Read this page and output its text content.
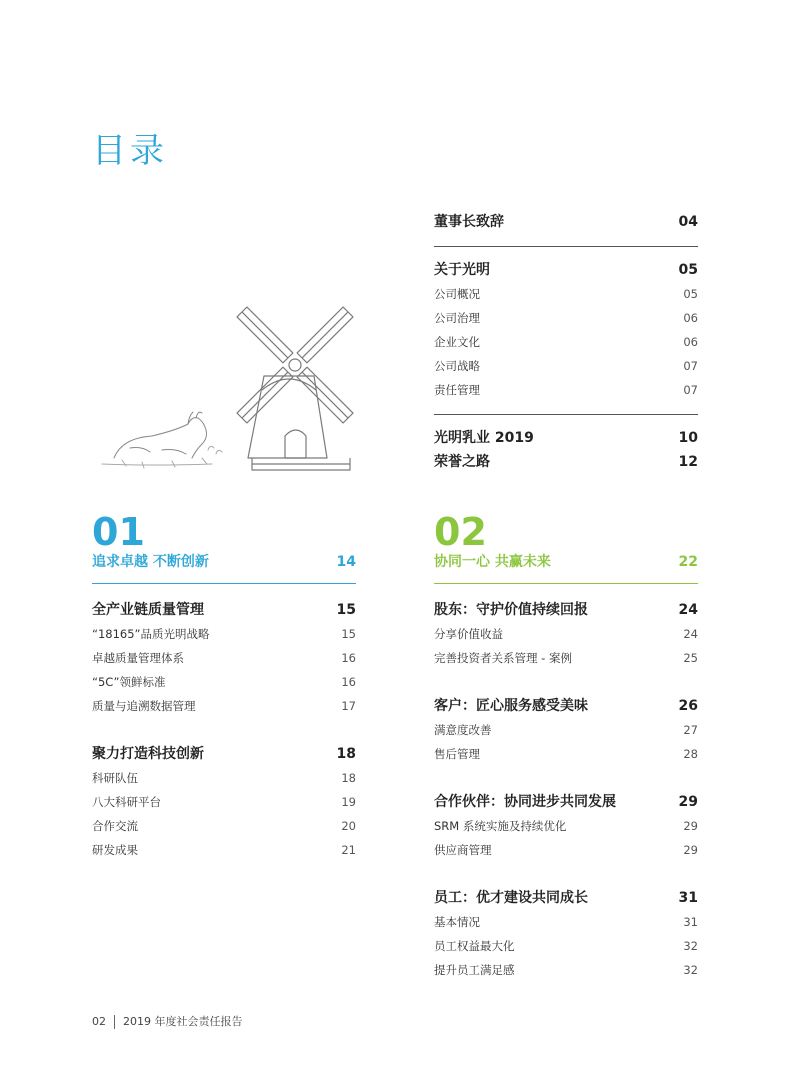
目录
董事长致辞	04
关于光明	05
公司概况	05
公司治理	06
企业文化	06
公司战略	07
责任管理	07
光明乳业 2019	10
荣誉之路	12
01
追求卓越 不断创新	14
全产业链质量管理	15
“18165”品质光明战略	15
卓越质量管理体系	16
“5C”领鲜标准	16
质量与追溯数据管理	17
聚力打造科技创新	18
科研队伍	18
八大科研平台	19
合作交流	20
研发成果	21
02
协同一心 共赢未来	22
股东：守护价值持续回报	24
分享价值收益	24
完善投资者关系管理 - 案例	25
客户：匠心服务感受美味	26
满意度改善	27
售后管理	28
合作伙伴：协同进步共同发展	29
SRM 系统实施及持续优化	29
供应商管理	29
员工：优才建设共同成长	31
基本情况	31
员工权益最大化	32
提升员工满足感	32
02 2019 年度社会责任报告
